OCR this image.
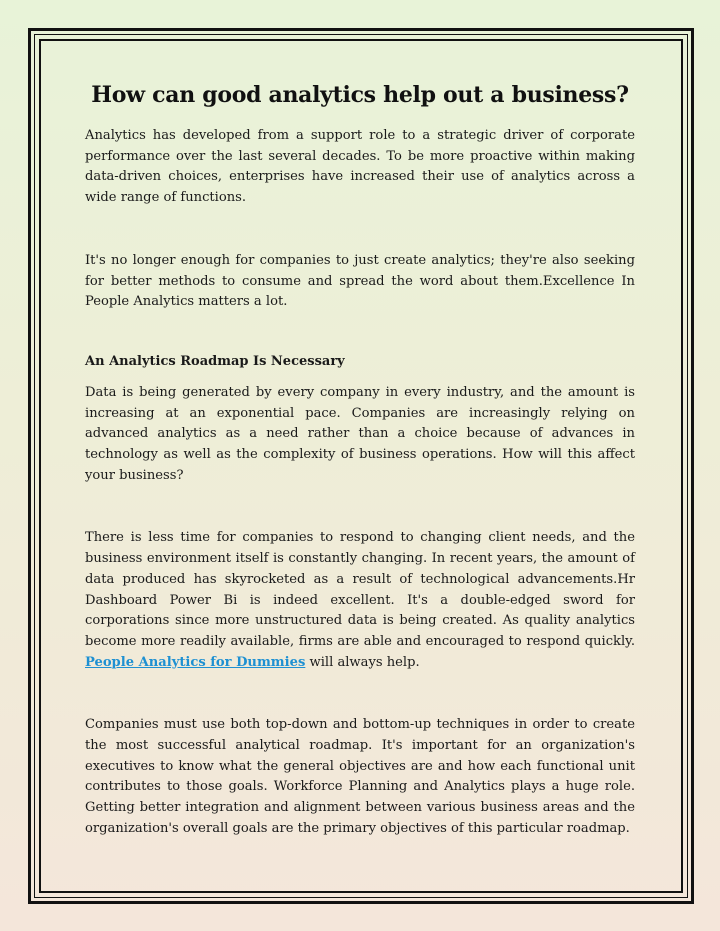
How can good analytics help out a business?

Analytics has developed from a support role to a strategic driver of corporate performance over the last several decades. To be more proactive within making data-driven choices, enterprises have increased their use of analytics across a wide range of functions.

It's no longer enough for companies to just create analytics; they're also seeking for better methods to consume and spread the word about them.Excellence In People Analytics matters a lot.

An Analytics Roadmap Is Necessary

Data is being generated by every company in every industry, and the amount is increasing at an exponential pace. Companies are increasingly relying on advanced analytics as a need rather than a choice because of advances in technology as well as the complexity of business operations. How will this affect your business?

There is less time for companies to respond to changing client needs, and the business environment itself is constantly changing. In recent years, the amount of data produced has skyrocketed as a result of technological advancements.Hr Dashboard Power Bi is indeed excellent. It's a double-edged sword for corporations since more unstructured data is being created. As quality analytics become more readily available, firms are able and encouraged to respond quickly. People Analytics for Dummies will always help.

Companies must use both top-down and bottom-up techniques in order to create the most successful analytical roadmap. It's important for an organization's executives to know what the general objectives are and how each functional unit contributes to those goals. Workforce Planning and Analytics plays a huge role. Getting better integration and alignment between various business areas and the organization's overall goals are the primary objectives of this particular roadmap.
